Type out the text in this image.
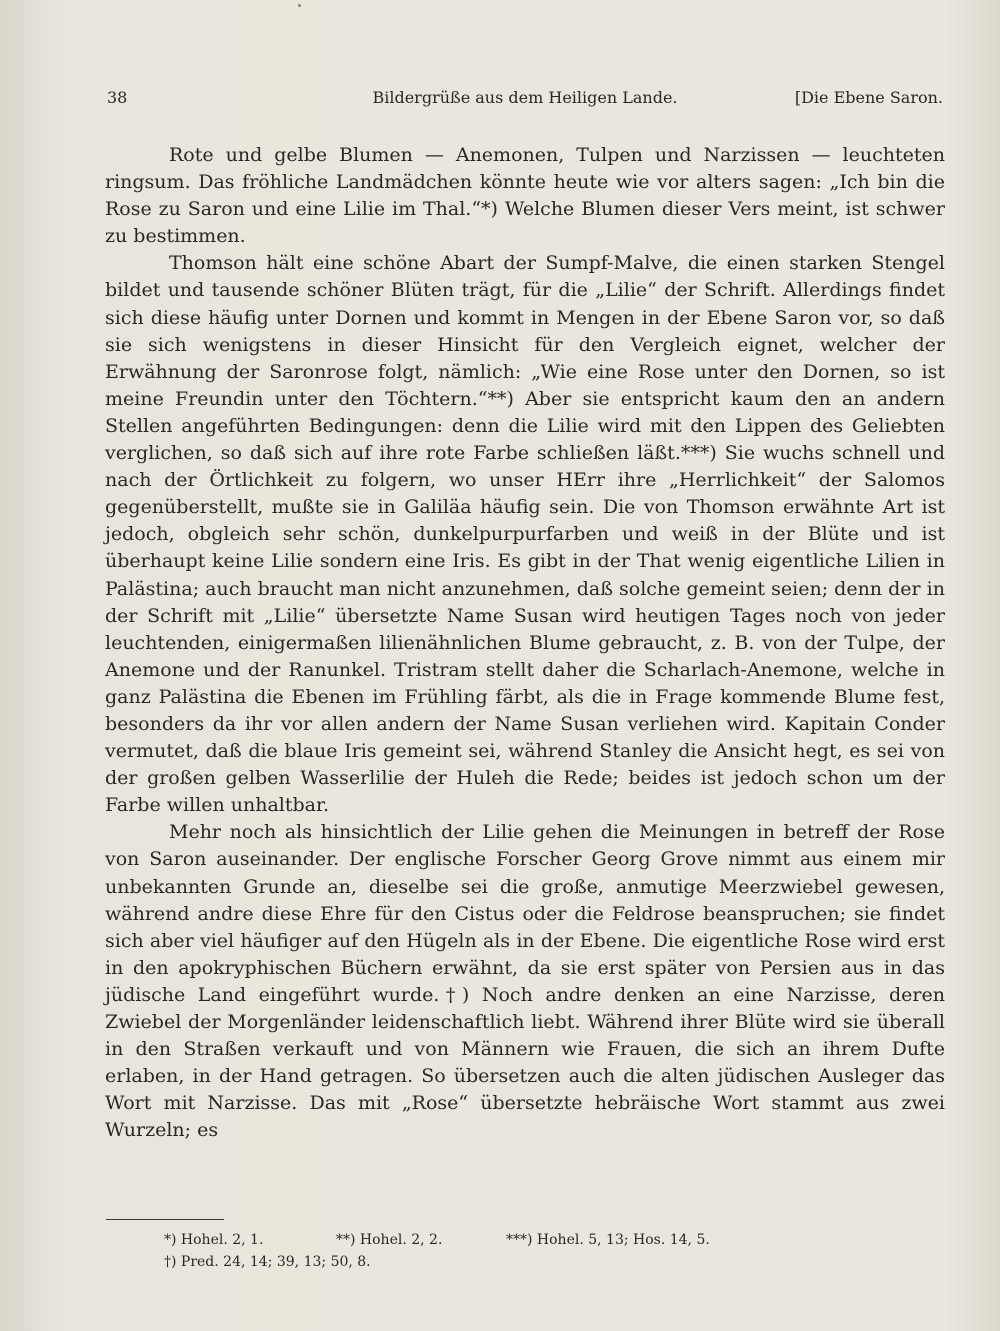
38	Bildergrüße aus dem Heiligen Lande.	[Die Ebene Saron.

Rote und gelbe Blumen — Anemonen, Tulpen und Narzissen — leuchteten ringsum. Das fröhliche Landmädchen könnte heute wie vor alters sagen: „Ich bin die Rose zu Saron und eine Lilie im Thal.“*) Welche Blumen dieser Vers meint, ist schwer zu bestimmen.

Thomson hält eine schöne Abart der Sumpf-Malve, die einen starken Stengel bildet und tausende schöner Blüten trägt, für die „Lilie“ der Schrift. Allerdings findet sich diese häufig unter Dornen und kommt in Mengen in der Ebene Saron vor, so daß sie sich wenigstens in dieser Hinsicht für den Vergleich eignet, welcher der Erwähnung der Saronrose folgt, nämlich: „Wie eine Rose unter den Dornen, so ist meine Freundin unter den Töchtern.“**) Aber sie entspricht kaum den an andern Stellen angeführten Bedingungen: denn die Lilie wird mit den Lippen des Geliebten verglichen, so daß sich auf ihre rote Farbe schließen läßt.***) Sie wuchs schnell und nach der Örtlichkeit zu folgern, wo unser HErr ihre „Herrlichkeit“ der Salomos gegenüberstellt, mußte sie in Galiläa häufig sein. Die von Thomson erwähnte Art ist jedoch, obgleich sehr schön, dunkelpurpurfarben und weiß in der Blüte und ist überhaupt keine Lilie sondern eine Iris. Es gibt in der That wenig eigentliche Lilien in Palästina; auch braucht man nicht anzunehmen, daß solche gemeint seien; denn der in der Schrift mit „Lilie“ übersetzte Name Susan wird heutigen Tages noch von jeder leuchtenden, einigermaßen lilienähnlichen Blume gebraucht, z. B. von der Tulpe, der Anemone und der Ranunkel. Tristram stellt daher die Scharlach-Anemone, welche in ganz Palästina die Ebenen im Frühling färbt, als die in Frage kommende Blume fest, besonders da ihr vor allen andern der Name Susan verliehen wird. Kapitain Conder vermutet, daß die blaue Iris gemeint sei, während Stanley die Ansicht hegt, es sei von der großen gelben Wasserlilie der Huleh die Rede; beides ist jedoch schon um der Farbe willen unhaltbar.

Mehr noch als hinsichtlich der Lilie gehen die Meinungen in betreff der Rose von Saron auseinander. Der englische Forscher Georg Grove nimmt aus einem mir unbekannten Grunde an, dieselbe sei die große, anmutige Meerzwiebel gewesen, während andre diese Ehre für den Cistus oder die Feldrose beanspruchen; sie findet sich aber viel häufiger auf den Hügeln als in der Ebene. Die eigentliche Rose wird erst in den apokryphischen Büchern erwähnt, da sie erst später von Persien aus in das jüdische Land eingeführt wurde.†) Noch andre denken an eine Narzisse, deren Zwiebel der Morgenländer leidenschaftlich liebt. Während ihrer Blüte wird sie überall in den Straßen verkauft und von Männern wie Frauen, die sich an ihrem Dufte erlaben, in der Hand getragen. So übersetzen auch die alten jüdischen Ausleger das Wort mit Narzisse. Das mit „Rose“ übersetzte hebräische Wort stammt aus zwei Wurzeln; es

*) Hohel. 2, 1.	**) Hohel. 2, 2.	***) Hohel. 5, 13; Hos. 14, 5.
†) Pred. 24, 14; 39, 13; 50, 8.
